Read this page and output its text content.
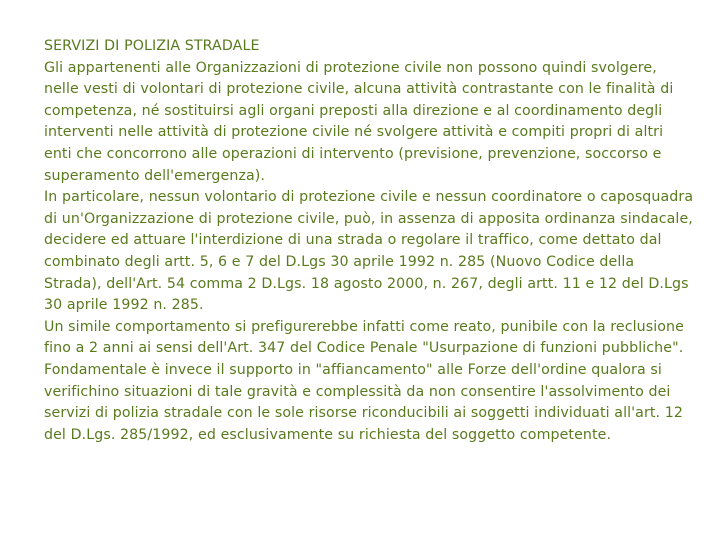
SERVIZI DI POLIZIA STRADALE

Gli appartenenti alle Organizzazioni di protezione civile non possono quindi svolgere, nelle vesti di volontari di protezione civile, alcuna attività contrastante con le finalità di competenza, né sostituirsi agli organi preposti alla direzione e al coordinamento degli interventi nelle attività di protezione civile né svolgere attività e compiti propri di altri enti che concorrono alle operazioni di intervento (previsione, prevenzione, soccorso e superamento dell'emergenza).

In particolare, nessun volontario di protezione civile e nessun coordinatore o caposquadra di un'Organizzazione di protezione civile, può, in assenza di apposita ordinanza sindacale, decidere ed attuare l'interdizione di una strada o regolare il traffico, come dettato dal combinato degli artt. 5, 6 e 7 del D.Lgs 30 aprile 1992 n. 285 (Nuovo Codice della Strada), dell'Art. 54 comma 2 D.Lgs. 18 agosto 2000, n. 267, degli artt. 11 e 12 del D.Lgs 30 aprile 1992 n. 285.

Un simile comportamento si prefigurerebbe infatti come reato, punibile con la reclusione fino a 2 anni ai sensi dell'Art. 347 del Codice Penale "Usurpazione di funzioni pubbliche".

Fondamentale è invece il supporto in "affiancamento" alle Forze dell'ordine qualora si verifichino situazioni di tale gravità e complessità da non consentire l'assolvimento dei servizi di polizia stradale con le sole risorse riconducibili ai soggetti individuati all'art. 12 del D.Lgs. 285/1992, ed esclusivamente su richiesta del soggetto competente.
